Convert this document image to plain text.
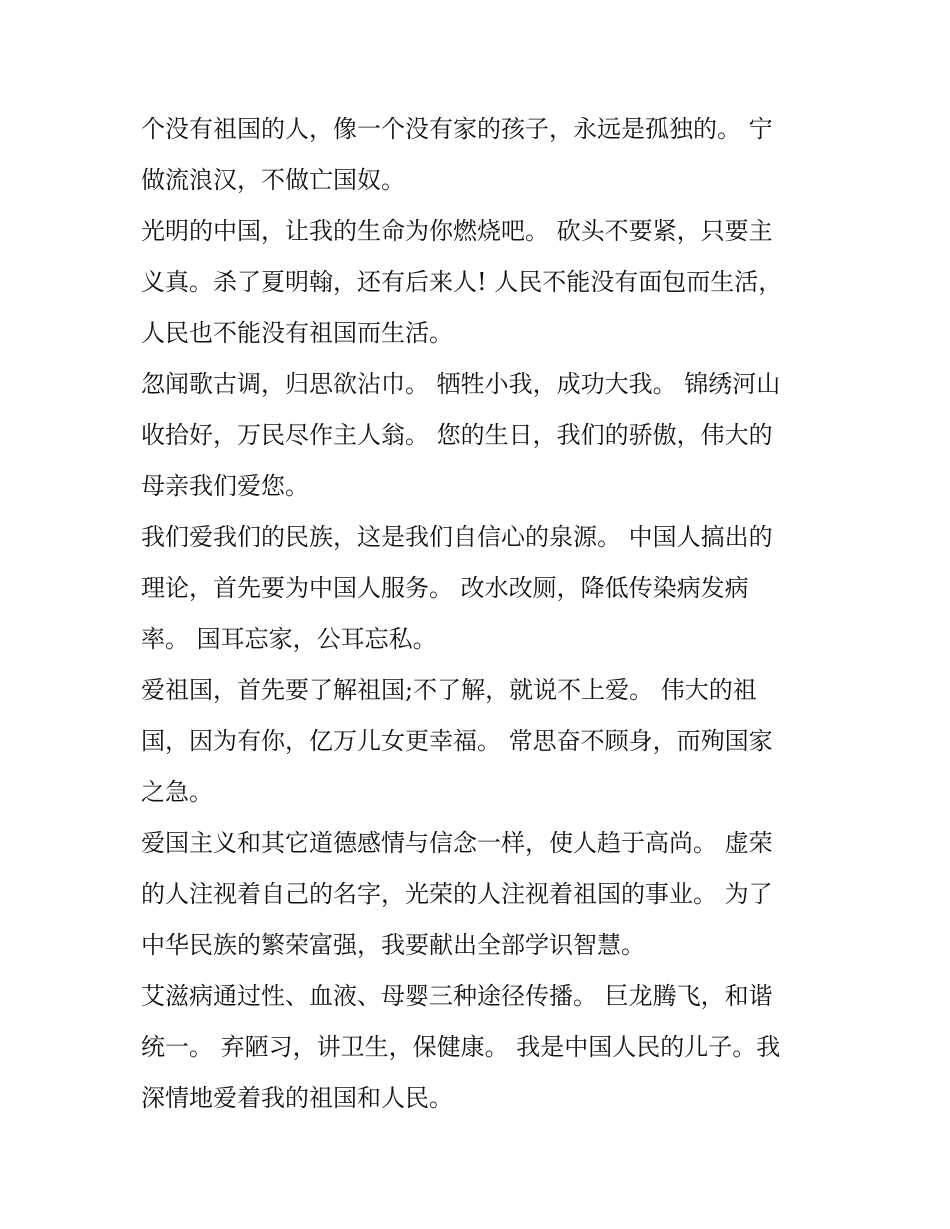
个没有祖国的人，像一个没有家的孩子，永远是孤独的。 宁
做流浪汉，不做亡国奴。

光明的中国，让我的生命为你燃烧吧。 砍头不要紧，只要主
义真。杀了夏明翰，还有后来人! 人民不能没有面包而生活，
人民也不能没有祖国而生活。

忽闻歌古调，归思欲沾巾。 牺牲小我，成功大我。 锦绣河山
收拾好，万民尽作主人翁。 您的生日，我们的骄傲，伟大的
母亲我们爱您。

我们爱我们的民族，这是我们自信心的泉源。 中国人搞出的
理论，首先要为中国人服务。 改水改厕，降低传染病发病
率。 国耳忘家，公耳忘私。

爱祖国，首先要了解祖国;不了解，就说不上爱。 伟大的祖
国，因为有你，亿万儿女更幸福。 常思奋不顾身，而殉国家
之急。

爱国主义和其它道德感情与信念一样，使人趋于高尚。 虚荣
的人注视着自己的名字，光荣的人注视着祖国的事业。 为了
中华民族的繁荣富强，我要献出全部学识智慧。

艾滋病通过性、血液、母婴三种途径传播。 巨龙腾飞，和谐
统一。 弃陋习，讲卫生，保健康。 我是中国人民的儿子。我
深情地爱着我的祖国和人民。
